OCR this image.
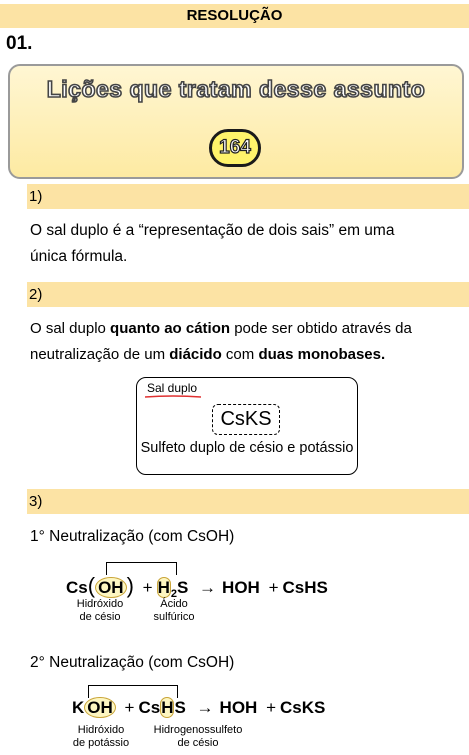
RESOLUÇÃO
01.
Lições que tratam desse assunto
164
1)
O sal duplo é a “representação de dois sais” em uma
única fórmula.
2)
O sal duplo quanto ao cátion pode ser obtido através da
neutralização de um diácido com duas monobases.
Sal duplo
CsKS
Sulfeto duplo de césio e potássio
3)
1° Neutralização (com CsOH)
Cs( OH ) + $H_2S$ → HOH + CsHS
Hidróxido
de césio
Ácido
sulfúrico
2° Neutralização (com CsOH)
K OH + CsHS → HOH + CsKS
Hidróxido
de potássio
Hidrogenossulfeto
de césio
